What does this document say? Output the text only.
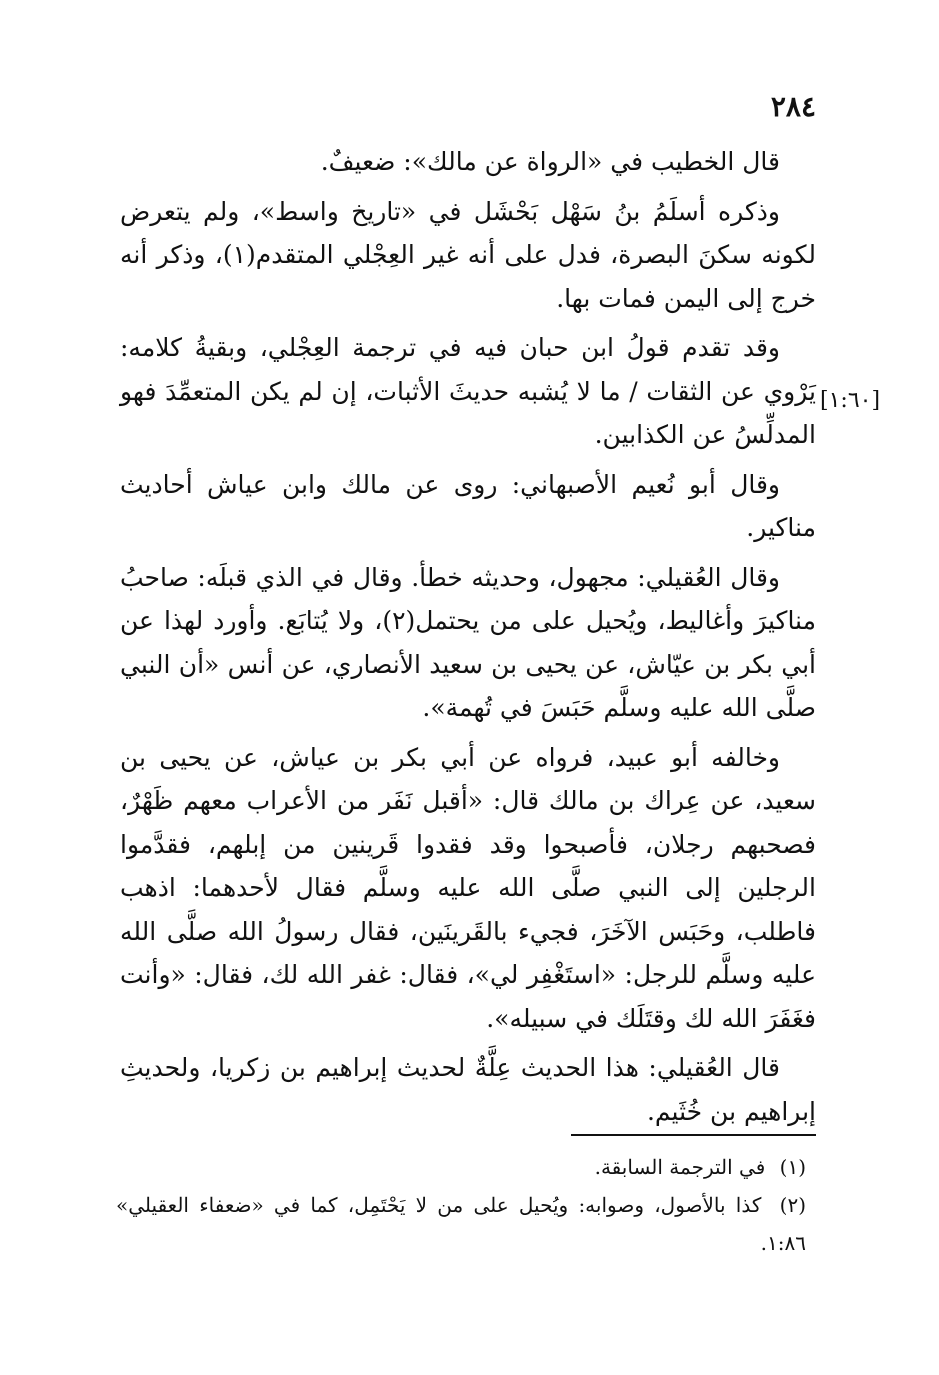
٢٨٤
[١:٦٠]

قال الخطيب في «الرواة عن مالك»: ضعيفٌ.

وذكره أسلَمُ بنُ سَهْل بَحْشَل في «تاريخ واسط»، ولم يتعرض لكونه سكنَ البصرة، فدل على أنه غير العِجْلي المتقدم(١)، وذكر أنه خرج إلى اليمن فمات بها.

وقد تقدم قولُ ابن حبان فيه في ترجمة العِجْلي، وبقيةُ كلامه: يَرْوي عن الثقات / ما لا يُشبه حديثَ الأثبات، إن لم يكن المتعمِّدَ فهو المدلِّسُ عن الكذابين.

وقال أبو نُعيم الأصبهاني: روى عن مالك وابن عياش أحاديث مناكير.

وقال العُقيلي: مجهول، وحديثه خطأ. وقال في الذي قبلَه: صاحبُ مناكيرَ وأغاليط، ويُحيل على من يحتمل(٢)، ولا يُتابَع. وأورد لهذا عن أبي بكر بن عيّاش، عن يحيى بن سعيد الأنصاري، عن أنس «أن النبي صلَّى الله عليه وسلَّم حَبَسَ في تُهمة».

وخالفه أبو عبيد، فرواه عن أبي بكر بن عياش، عن يحيى بن سعيد، عن عِراك بن مالك قال: «أقبل نَفَر من الأعراب معهم ظَهْرٌ، فصحبهم رجلان، فأصبحوا وقد فقدوا قَرينين من إبلهم، فقدَّموا الرجلين إلى النبي صلَّى الله عليه وسلَّم فقال لأحدهما: اذهب فاطلب، وحَبَس الآخَرَ، فجيء بالقَرينَين، فقال رسولُ الله صلَّى الله عليه وسلَّم للرجل: «استَغْفِر لي»، فقال: غفر الله لك، فقال: «وأنت فغَفَرَ الله لك وقتَلَك في سبيله».

قال العُقيلي: هذا الحديث عِلَّةٌ لحديث إبراهيم بن زكريا، ولحديثِ إبراهيم بن خُثَيم.

(١) في الترجمة السابقة.

(٢) كذا بالأصول، وصوابه: ويُحيل على من لا يَحْتَمِل، كما في «ضعفاء العقيلي» ١:٨٦.
